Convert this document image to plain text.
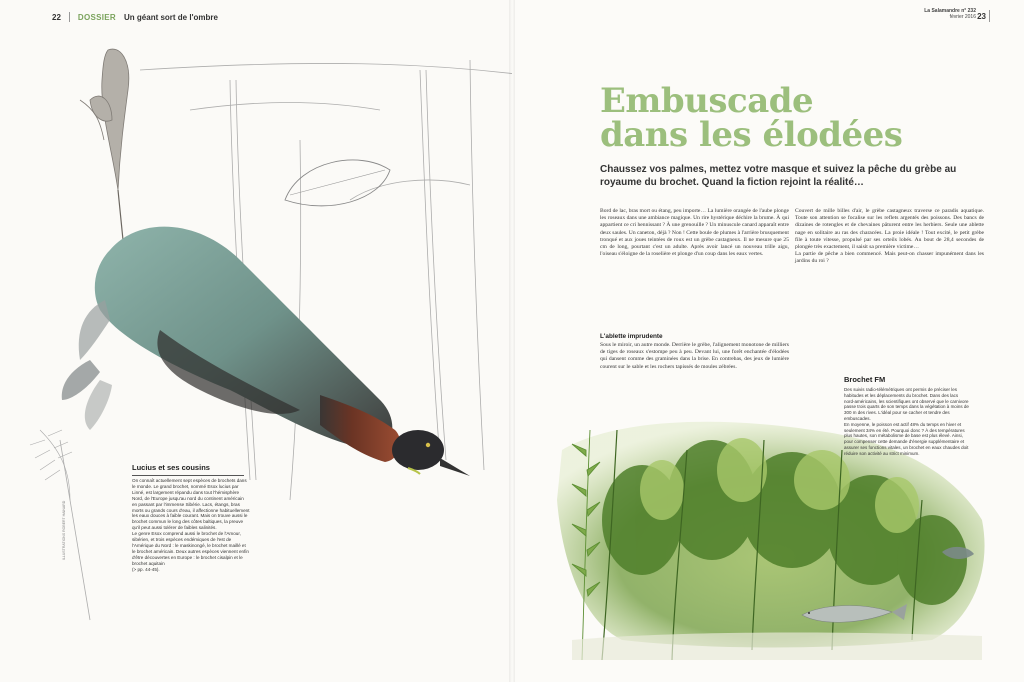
22 DOSSIER Un géant sort de l'ombre
Lucius et ses cousins

On connaît actuellement sept espèces de brochets dans le monde. Le grand brochet, nommé Esox lucius par Linné, est largement répandu dans tout l'hémisphère Nord, de l'Europe jusqu'au nord du continent américain en passant par l'immense Sibérie. Lacs, étangs, bras morts ou grands cours d'eau, il affectionne habituellement les eaux douces à faible courant. Mais on trouve aussi le brochet commun le long des côtes baltiques, la preuve qu'il peut aussi tolérer de faibles salinités.

Le genre Esox comprend aussi le brochet de l'Amour, sibérien, et trois espèces endémiques de l'est de l'Amérique du Nord : le maskinongé, le brochet maillé et le brochet américain. Deux autres espèces viennent enfin d'être découvertes en Europe : le brochet cisalpin et le brochet aquitain

(> pp. 44-45).

ILLUSTRATIONS ROBERT HAINARD
La Salamandre n° 232
février 2016 23
Embuscade
dans les élodées
Chaussez vos palmes, mettez votre masque et suivez la pêche du grèbe au royaume du brochet. Quand la fiction rejoint la réalité…

Bord de lac, bras mort ou étang, peu importe… La lumière orangée de l'aube plonge les roseaux dans une ambiance magique. Un rire hystérique déchire la brume. À qui appartient ce cri hennissant ? À une grenouille ? Un minuscule canard apparaît entre deux saules. Un caneton, déjà ? Non ! Cette boule de plumes à l'arrière brusquement tronqué et aux joues teintées de roux est un grèbe castagneux. Il ne mesure que 25 cm de long, pourtant c'est un adulte. Après avoir lancé un nouveau trille aigu, l'oiseau s'éloigne de la roselière et plonge d'un coup dans les eaux vertes.

L'ablette imprudente

Sous le miroir, un autre monde. Derrière le grèbe, l'alignement monotone de milliers de tiges de roseaux s'estompe peu à peu. Devant lui, une forêt enchantée d'élodées qui dansent comme des graminées dans la brise. En contrebas, des jeux de lumière courent sur le sable et les rochers tapissés de moules zébrées.

Couvert de mille billes d'air, le grèbe castagneux traverse ce paradis aquatique. Toute son attention se focalise sur les reflets argentés des poissons. Des bancs de dizaines de rotengles et de chevaines pâturent entre les herbiers. Seule une ablette nage en solitaire au ras des characées. La proie idéale ! Tout excité, le petit grèbe file à toute vitesse, propulsé par ses orteils lobés. Au bout de 28,4 secondes de plongée très exactement, il saisit sa première victime…

La partie de pêche a bien commencé. Mais peut-on chasser impunément dans les jardins du roi ?

Brochet FM

Des suivis radio-télémétriques ont permis de préciser les habitudes et les déplacements du brochet. Dans des lacs nord-américains, les scientifiques ont observé que le carnivore passe trois quarts de son temps dans la végétation à moins de 300 m des rives. L'idéal pour se cacher et tendre des embuscades.

En moyenne, le poisson est actif 48% du temps en hiver et seulement 34% en été. Pourquoi donc ? À des températures plus hautes, son métabolisme de base est plus élevé. Ainsi, pour compenser cette demande d'énergie supplémentaire et assurer ses fonctions vitales, un brochet en eaux chaudes doit réduire son activité au strict minimum.
